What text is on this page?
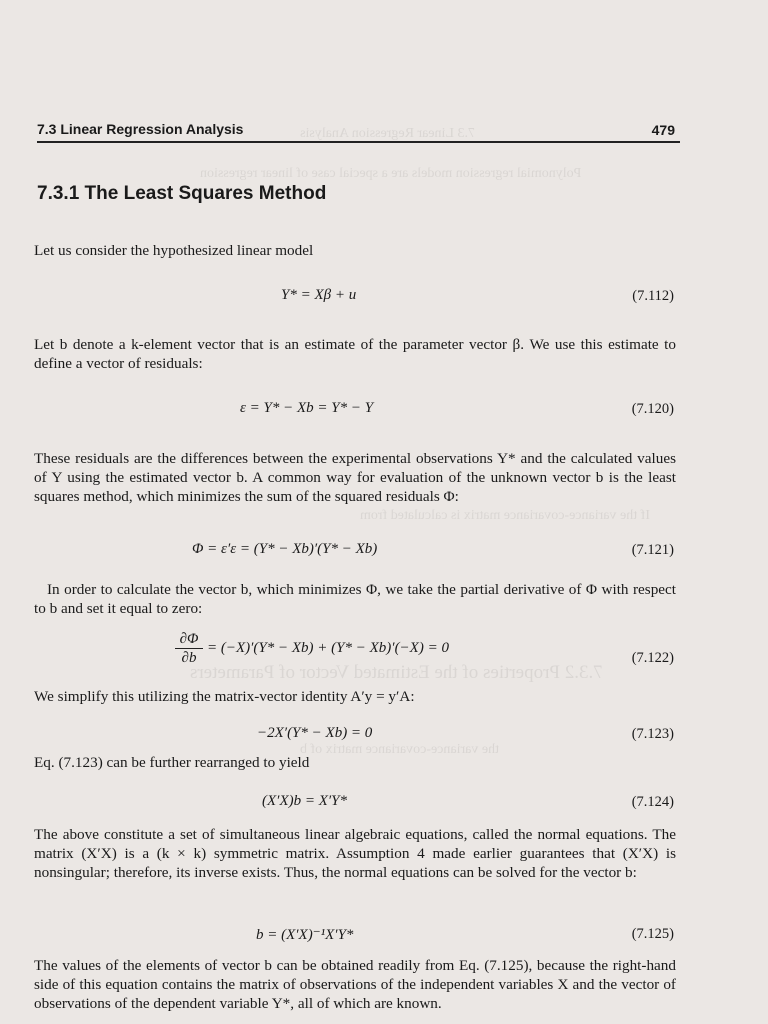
7.3 Linear Regression Analysis
Polynomial regression models are a special case of linear regression
If the variance-covariance matrix is calculated from
7.3.2 Properties of the Estimated Vector of Parameters
the variance-covariance matrix of b
7.3 Linear Regression Analysis	479
7.3.1 The Least Squares Method
Let us consider the hypothesized linear model
Y* = Xβ + u	(7.112)
Let b denote a k-element vector that is an estimate of the parameter vector β. We use this estimate to define a vector of residuals:
ε = Y* − Xb = Y* − Y	(7.120)
These residuals are the differences between the experimental observations Y* and the calculated values of Y using the estimated vector b. A common way for evaluation of the unknown vector b is the least squares method, which minimizes the sum of the squared residuals Φ:
Φ = ε′ε = (Y* − Xb)′(Y* − Xb)	(7.121)
In order to calculate the vector b, which minimizes Φ, we take the partial derivative of Φ with respect to b and set it equal to zero:
$\frac{\partial\Phi}{\partial b} = (-X)'(Y* - Xb) + (Y* - Xb)'(-X) = 0$
(7.122)
We simplify this utilizing the matrix-vector identity A′y = y′A:
−2X′(Y* − Xb) = 0	(7.123)
Eq. (7.123) can be further rearranged to yield
(X′X)b = X′Y*	(7.124)
The above constitute a set of simultaneous linear algebraic equations, called the normal equations. The matrix (X′X) is a (k × k) symmetric matrix. Assumption 4 made earlier guarantees that (X′X) is nonsingular; therefore, its inverse exists. Thus, the normal equations can be solved for the vector b:
b = (X′X)⁻¹X′Y*	(7.125)
The values of the elements of vector b can be obtained readily from Eq. (7.125), because the right-hand side of this equation contains the matrix of observations of the independent variables X and the vector of observations of the dependent variable Y*, all of which are known.
